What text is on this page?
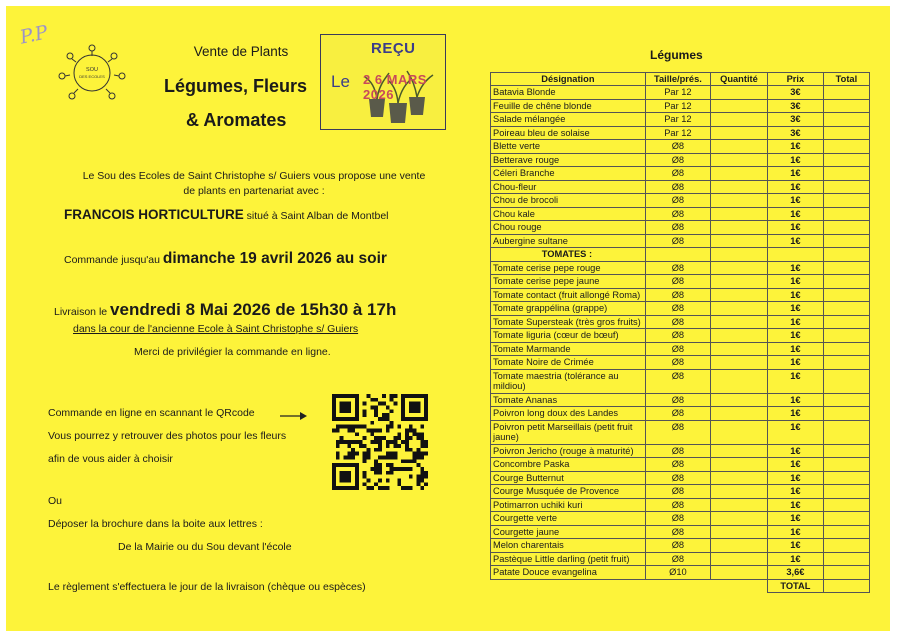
P.P
SOU
DES ECOLES
Vente de Plants
Légumes, Fleurs
& Aromates
REÇU
Le 2 6 MARS 2026
Le Sou des Ecoles de Saint Christophe s/ Guiers vous propose une vente
de plants en partenariat avec :
FRANCOIS HORTICULTURE situé à Saint Alban de Montbel
Commande jusqu'au dimanche 19 avril 2026 au soir
Livraison le vendredi 8 Mai 2026 de 15h30 à 17h
dans la cour de l'ancienne Ecole à Saint Christophe s/ Guiers
Merci de privilégier la commande en ligne.
Commande en ligne en scannant le QRcode
Vous pourrez y retrouver des photos pour les fleurs
afin de vous aider à choisir
Ou
Déposer la brochure dans la boite aux lettres :
De la Mairie ou du Sou devant l'école
Le règlement s'effectuera le jour de la livraison (chèque ou espèces)
Légumes
Désignation	Taille/prés.	Quantité	Prix	Total
Batavia Blonde	Par 12		3€	
Feuille de chêne blonde	Par 12		3€	
Salade mélangée	Par 12		3€	
Poireau bleu de solaise	Par 12		3€	
Blette verte	Ø8		1€	
Betterave rouge	Ø8		1€	
Céleri Branche	Ø8		1€	
Chou-fleur	Ø8		1€	
Chou de brocoli	Ø8		1€	
Chou kale	Ø8		1€	
Chou rouge	Ø8		1€	
Aubergine sultane	Ø8		1€	
TOMATES :				
Tomate cerise pepe rouge	Ø8		1€	
Tomate cerise pepe jaune	Ø8		1€	
Tomate contact (fruit allongé Roma)	Ø8		1€	
Tomate grappélina (grappe)	Ø8		1€	
Tomate Supersteak (très gros fruits)	Ø8		1€	
Tomate liguria (cœur de bœuf)	Ø8		1€	
Tomate Marmande	Ø8		1€	
Tomate Noire de Crimée	Ø8		1€	
Tomate maestria (tolérance au mildiou)	Ø8		1€	
Tomate Ananas	Ø8		1€	
Poivron long doux des Landes	Ø8		1€	
Poivron petit Marseillais (petit fruit jaune)	Ø8		1€	
Poivron Jericho (rouge à maturité)	Ø8		1€	
Concombre Paska	Ø8		1€	
Courge Butternut	Ø8		1€	
Courge Musquée de Provence	Ø8		1€	
Potimarron uchiki kuri	Ø8		1€	
Courgette verte	Ø8		1€	
Courgette jaune	Ø8		1€	
Melon charentais	Ø8		1€	
Pastèque Little darling (petit fruit)	Ø8		1€	
Patate Douce evangelina	Ø10		3,6€	
			TOTAL	
